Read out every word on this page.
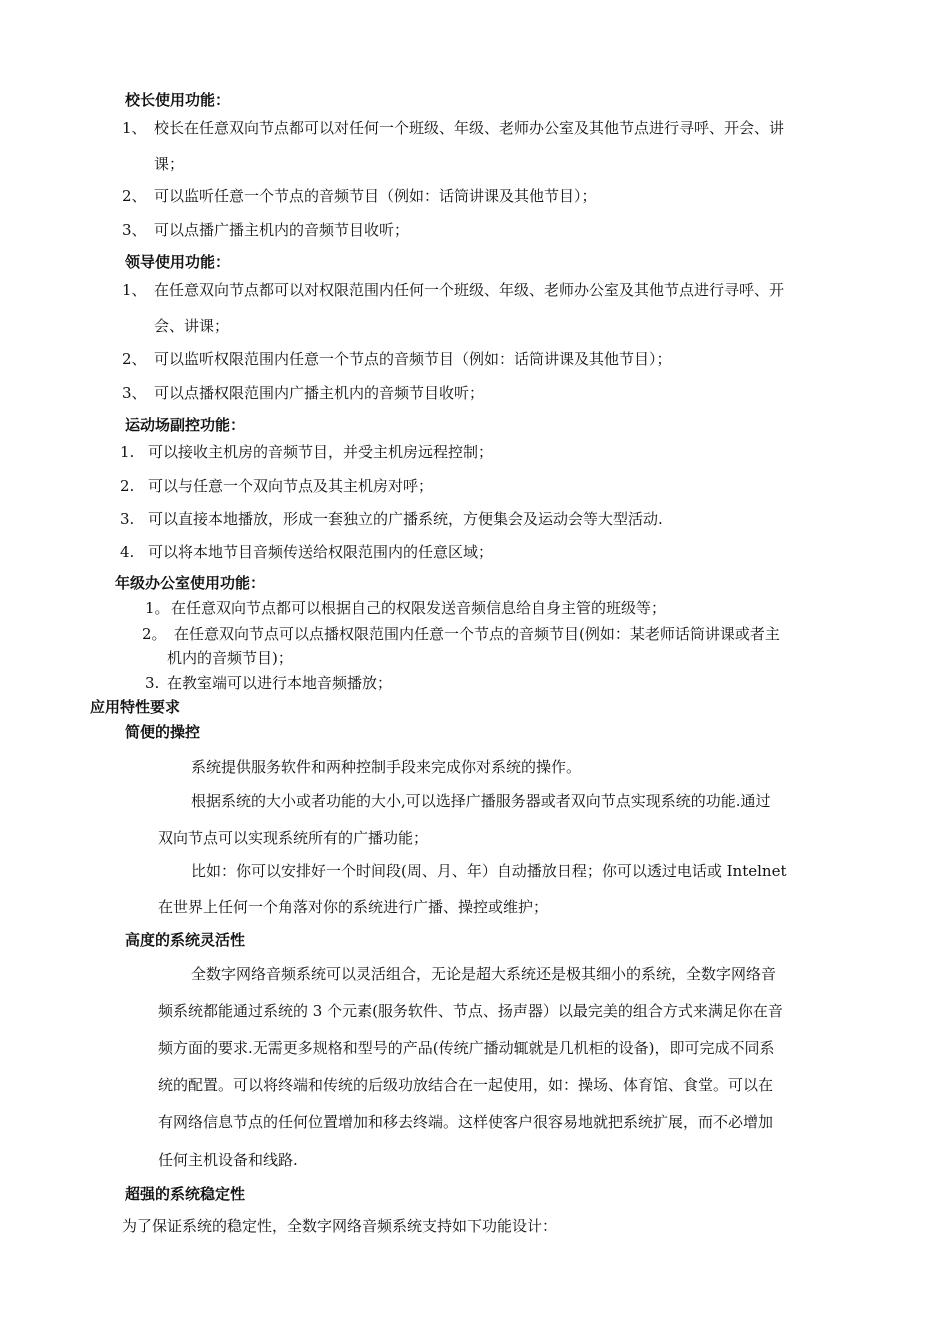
校长使用功能：
1、 校长在任意双向节点都可以对任何一个班级、年级、老师办公室及其他节点进行寻呼、开会、讲
课；
2、 可以监听任意一个节点的音频节目（例如：话筒讲课及其他节目）；
3、 可以点播广播主机内的音频节目收听；
领导使用功能：
1、 在任意双向节点都可以对权限范围内任何一个班级、年级、老师办公室及其他节点进行寻呼、开
会、讲课；
2、 可以监听权限范围内任意一个节点的音频节目（例如：话筒讲课及其他节目）；
3、 可以点播权限范围内广播主机内的音频节目收听；
运动场副控功能：
1. 可以接收主机房的音频节目，并受主机房远程控制；
2. 可以与任意一个双向节点及其主机房对呼；
3. 可以直接本地播放，形成一套独立的广播系统，方便集会及运动会等大型活动.
4. 可以将本地节目音频传送给权限范围内的任意区域；
年级办公室使用功能：
1。在任意双向节点都可以根据自己的权限发送音频信息给自身主管的班级等；
2。 在任意双向节点可以点播权限范围内任意一个节点的音频节目(例如：某老师话筒讲课或者主
机内的音频节目)；
3. 在教室端可以进行本地音频播放；
应用特性要求
简便的操控
系统提供服务软件和两种控制手段来完成你对系统的操作。
根据系统的大小或者功能的大小,可以选择广播服务器或者双向节点实现系统的功能.通过
双向节点可以实现系统所有的广播功能；
比如：你可以安排好一个时间段(周、月、年）自动播放日程；你可以透过电话或 Intelnet
在世界上任何一个角落对你的系统进行广播、操控或维护；
高度的系统灵活性
全数字网络音频系统可以灵活组合，无论是超大系统还是极其细小的系统，全数字网络音
频系统都能通过系统的 3 个元素(服务软件、节点、扬声器）以最完美的组合方式来满足你在音
频方面的要求.无需更多规格和型号的产品(传统广播动辄就是几机柜的设备)，即可完成不同系
统的配置。可以将终端和传统的后级功放结合在一起使用，如：操场、体育馆、食堂。可以在
有网络信息节点的任何位置增加和移去终端。这样使客户很容易地就把系统扩展，而不必增加
任何主机设备和线路.
超强的系统稳定性
为了保证系统的稳定性，全数字网络音频系统支持如下功能设计：
